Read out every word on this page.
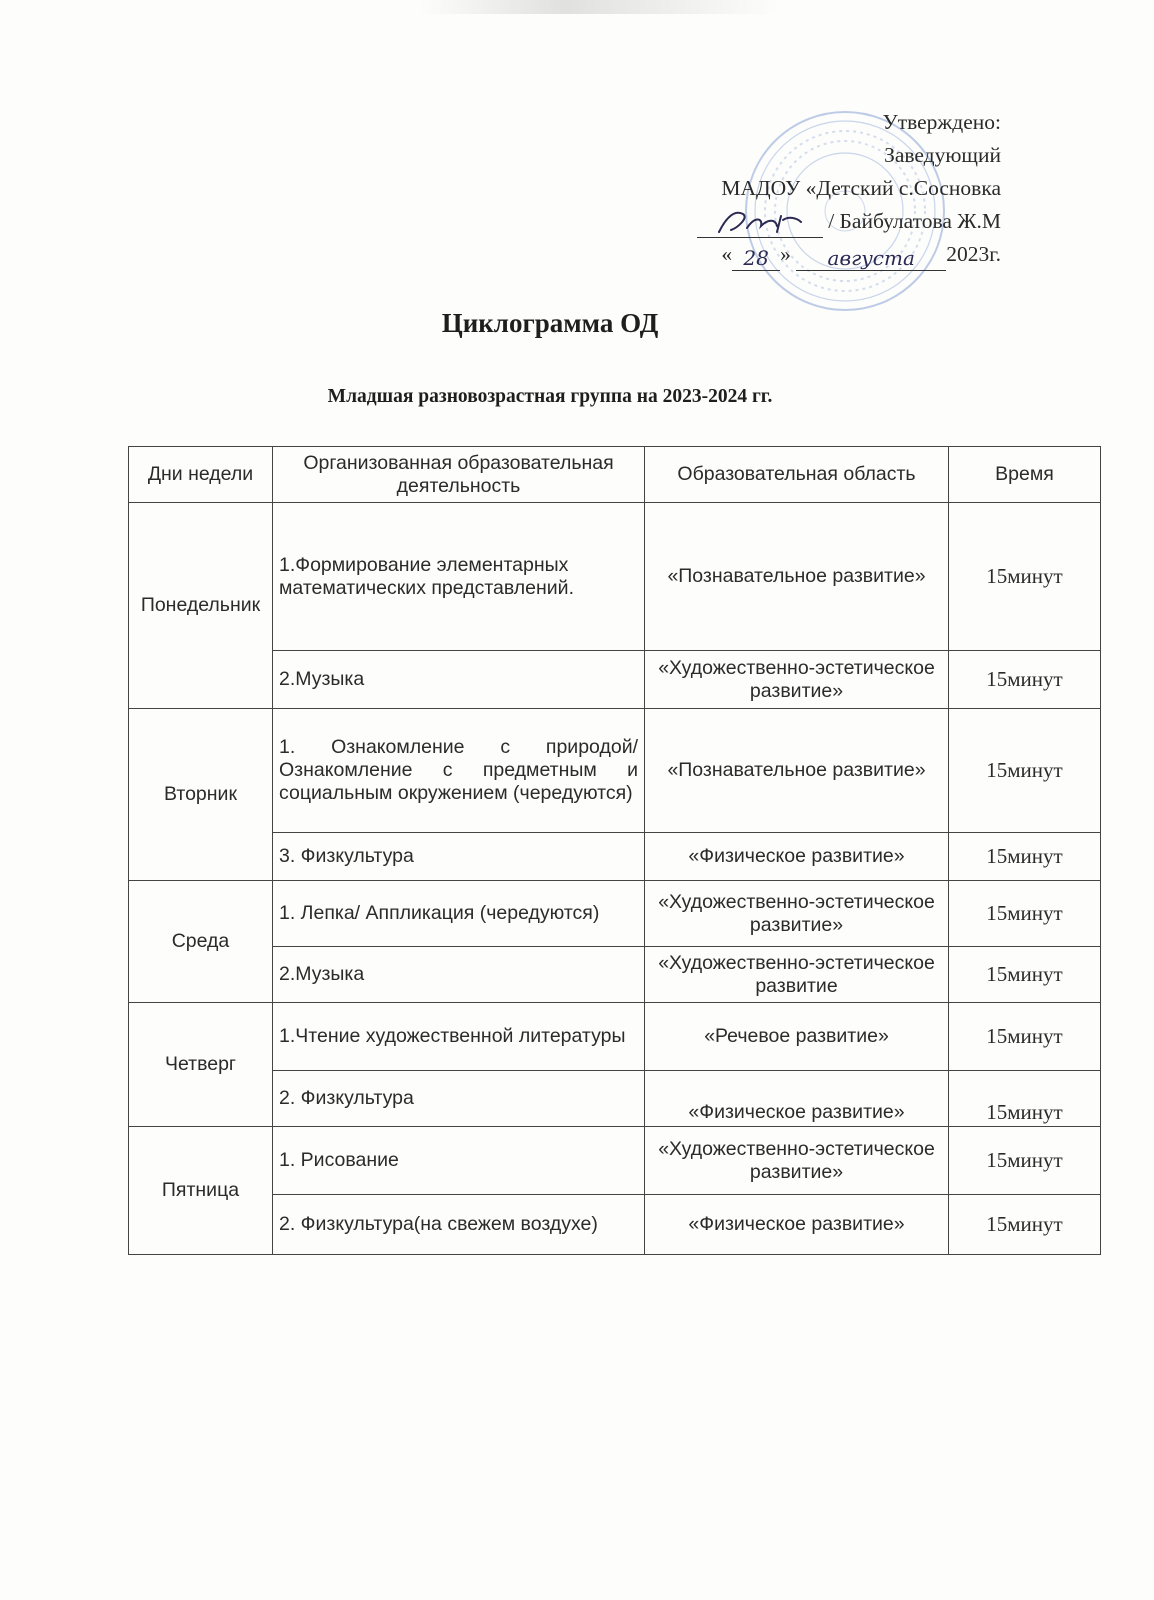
Утверждено:
Заведующий
МАДОУ «Детский с.Сосновка
/ Байбулатова Ж.М
« 28 » августа 2023г.
Циклограмма ОД
Младшая разновозрастная группа на 2023-2024 гг.
Дни недели	Организованная образовательная деятельность	Образовательная область	Время
Понедельник	1.Формирование элементарных математических представлений.	«Познавательное развитие»	15минут
	2.Музыка	«Художественно-эстетическое развитие»	15минут
Вторник	1. Ознакомление с природой/ Ознакомление с предметным и социальным окружением (чередуются)	«Познавательное развитие»	15минут
	3. Физкультура	«Физическое развитие»	15минут
Среда	1. Лепка/ Аппликация (чередуются)	«Художественно-эстетическое развитие»	15минут
	2.Музыка	«Художественно-эстетическое развитие	15минут
Четверг	1.Чтение художественной литературы	«Речевое развитие»	15минут
	2. Физкультура	«Физическое развитие»	15минут
Пятница	1. Рисование	«Художественно-эстетическое развитие»	15минут
	2. Физкультура(на свежем воздухе)	«Физическое развитие»	15минут
